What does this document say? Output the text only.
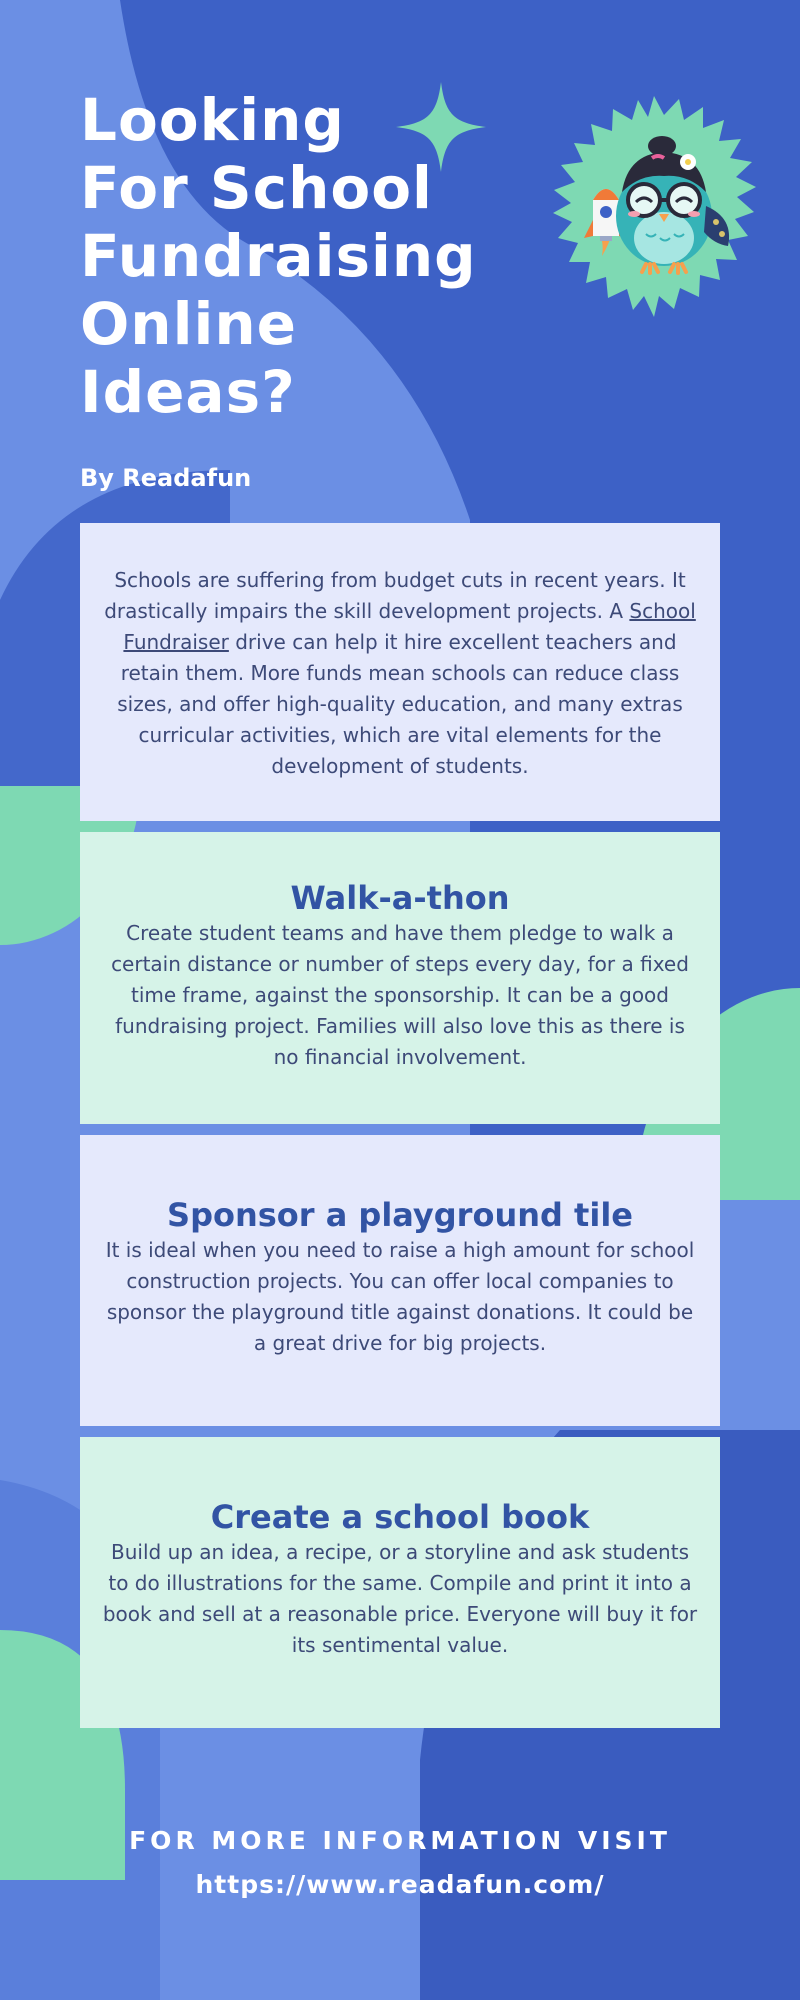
Looking
For School
Fundraising
Online
Ideas?

By Readafun

Schools are suffering from budget cuts in recent years. It drastically impairs the skill development projects. A School Fundraiser drive can help it hire excellent teachers and retain them. More funds mean schools can reduce class sizes, and offer high-quality education, and many extras curricular activities, which are vital elements for the development of students.

Walk-a-thon

Create student teams and have them pledge to walk a certain distance or number of steps every day, for a fixed time frame, against the sponsorship. It can be a good fundraising project. Families will also love this as there is no financial involvement.

Sponsor a playground tile

It is ideal when you need to raise a high amount for school construction projects. You can offer local companies to sponsor the playground title against donations. It could be a great drive for big projects.

Create a school book

Build up an idea, a recipe, or a storyline and ask students to do illustrations for the same. Compile and print it into a book and sell at a reasonable price. Everyone will buy it for its sentimental value.

FOR MORE INFORMATION VISIT

https://www.readafun.com/
